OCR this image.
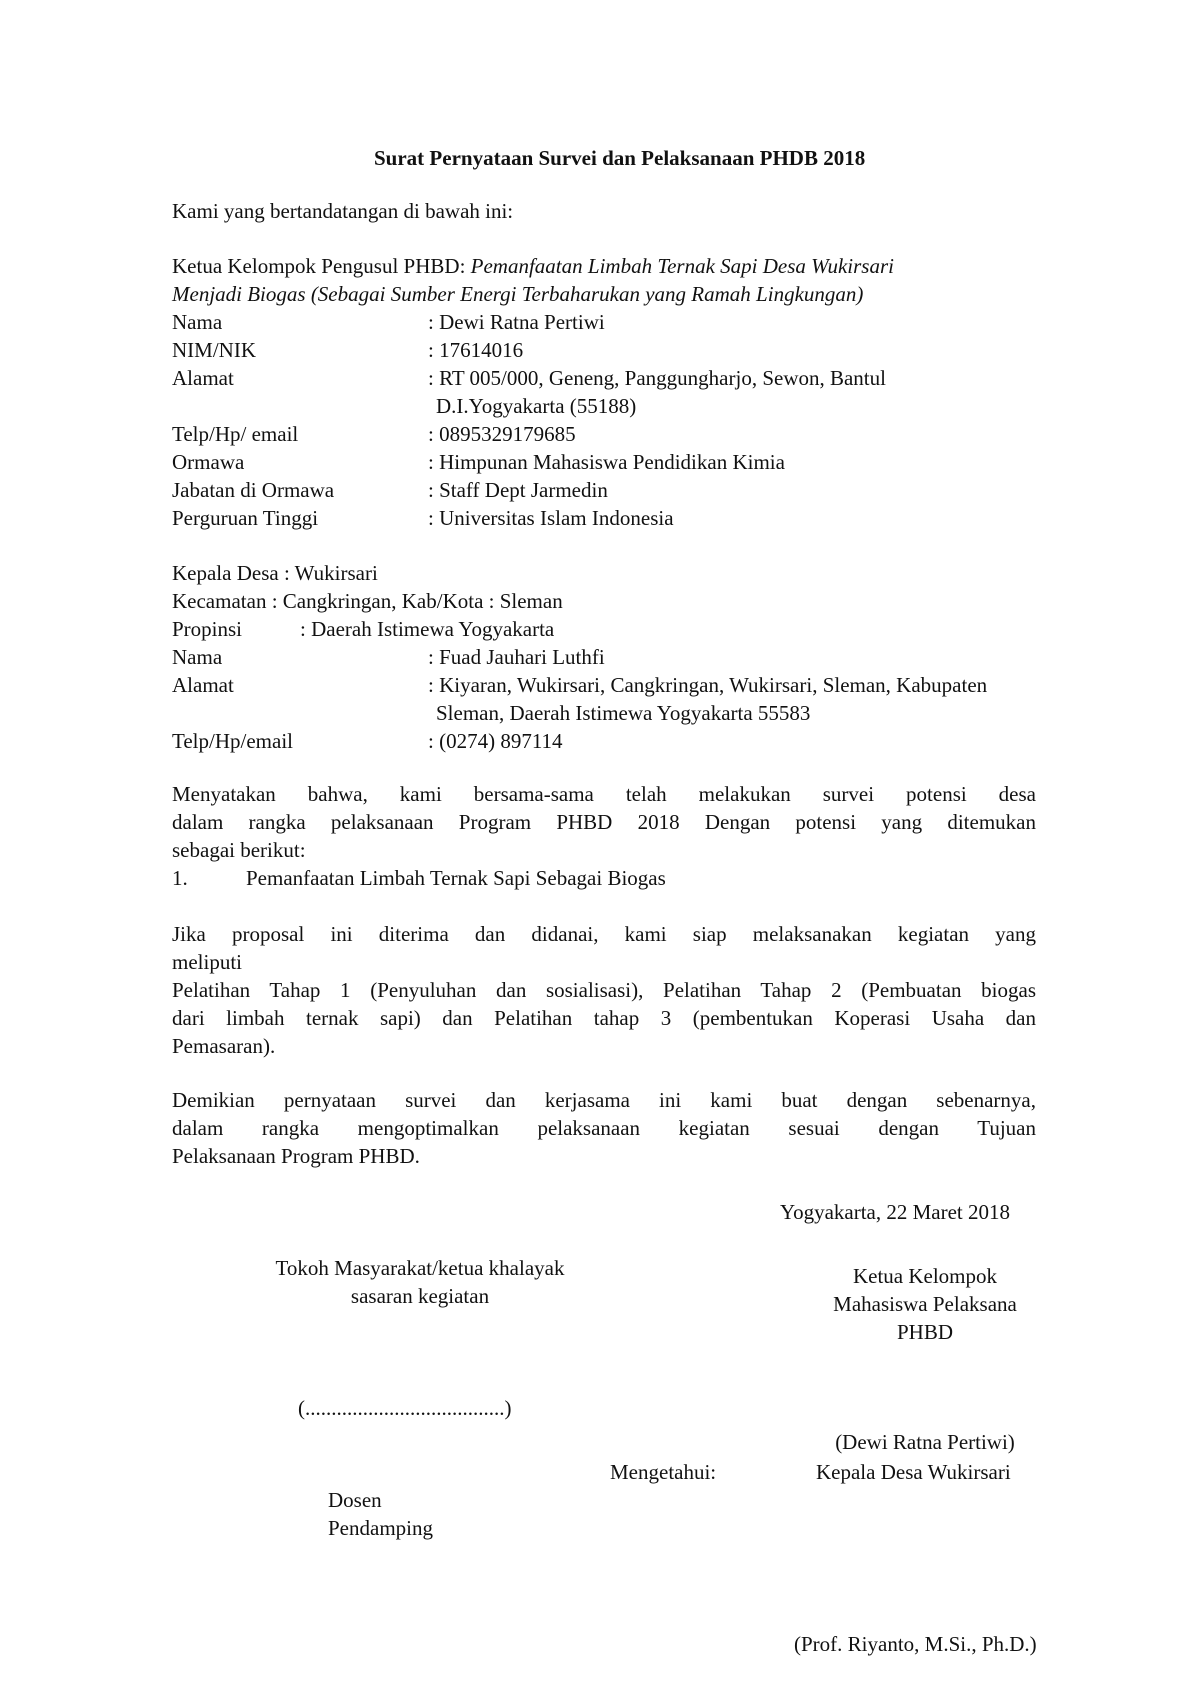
Surat Pernyataan Survei dan Pelaksanaan PHDB 2018
Kami yang bertandatangan di bawah ini:
Ketua Kelompok Pengusul PHBD: Pemanfaatan Limbah Ternak Sapi Desa Wukirsari
Menjadi Biogas (Sebagai Sumber Energi Terbaharukan yang Ramah Lingkungan)
Nama	: Dewi Ratna Pertiwi
NIM/NIK	: 17614016
Alamat	: RT 005/000, Geneng, Panggungharjo, Sewon, Bantul
D.I.Yogyakarta (55188)
Telp/Hp/ email	: 0895329179685
Ormawa	: Himpunan Mahasiswa Pendidikan Kimia
Jabatan di Ormawa	: Staff Dept Jarmedin
Perguruan Tinggi	: Universitas Islam Indonesia
Kepala Desa : Wukirsari
Kecamatan : Cangkringan, Kab/Kota : Sleman
Propinsi	: Daerah Istimewa Yogyakarta
Nama	: Fuad Jauhari Luthfi
Alamat	: Kiyaran, Wukirsari, Cangkringan, Wukirsari, Sleman, Kabupaten
Sleman, Daerah Istimewa Yogyakarta 55583
Telp/Hp/email	: (0274) 897114
Menyatakan bahwa, kami bersama-sama telah melakukan survei potensi desa
dalam rangka pelaksanaan Program PHBD 2018 Dengan potensi yang ditemukan
sebagai berikut:
1.	Pemanfaatan Limbah Ternak Sapi Sebagai Biogas
Jika proposal ini diterima dan didanai, kami siap melaksanakan kegiatan yang
meliputi
Pelatihan Tahap 1 (Penyuluhan dan sosialisasi), Pelatihan Tahap 2 (Pembuatan biogas
dari limbah ternak sapi) dan Pelatihan tahap 3 (pembentukan Koperasi Usaha dan
Pemasaran).
Demikian pernyataan survei dan kerjasama ini kami buat dengan sebenarnya,
dalam rangka mengoptimalkan pelaksanaan kegiatan sesuai dengan Tujuan
Pelaksanaan Program PHBD.
Yogyakarta, 22 Maret 2018
Tokoh Masyarakat/ketua khalayak
sasaran kegiatan
(......................................)
Ketua Kelompok
Mahasiswa Pelaksana
PHBD
(Dewi Ratna Pertiwi)
Mengetahui:	Kepala Desa Wukirsari
Dosen
Pendamping
(Prof. Riyanto, M.Si., Ph.D.)
